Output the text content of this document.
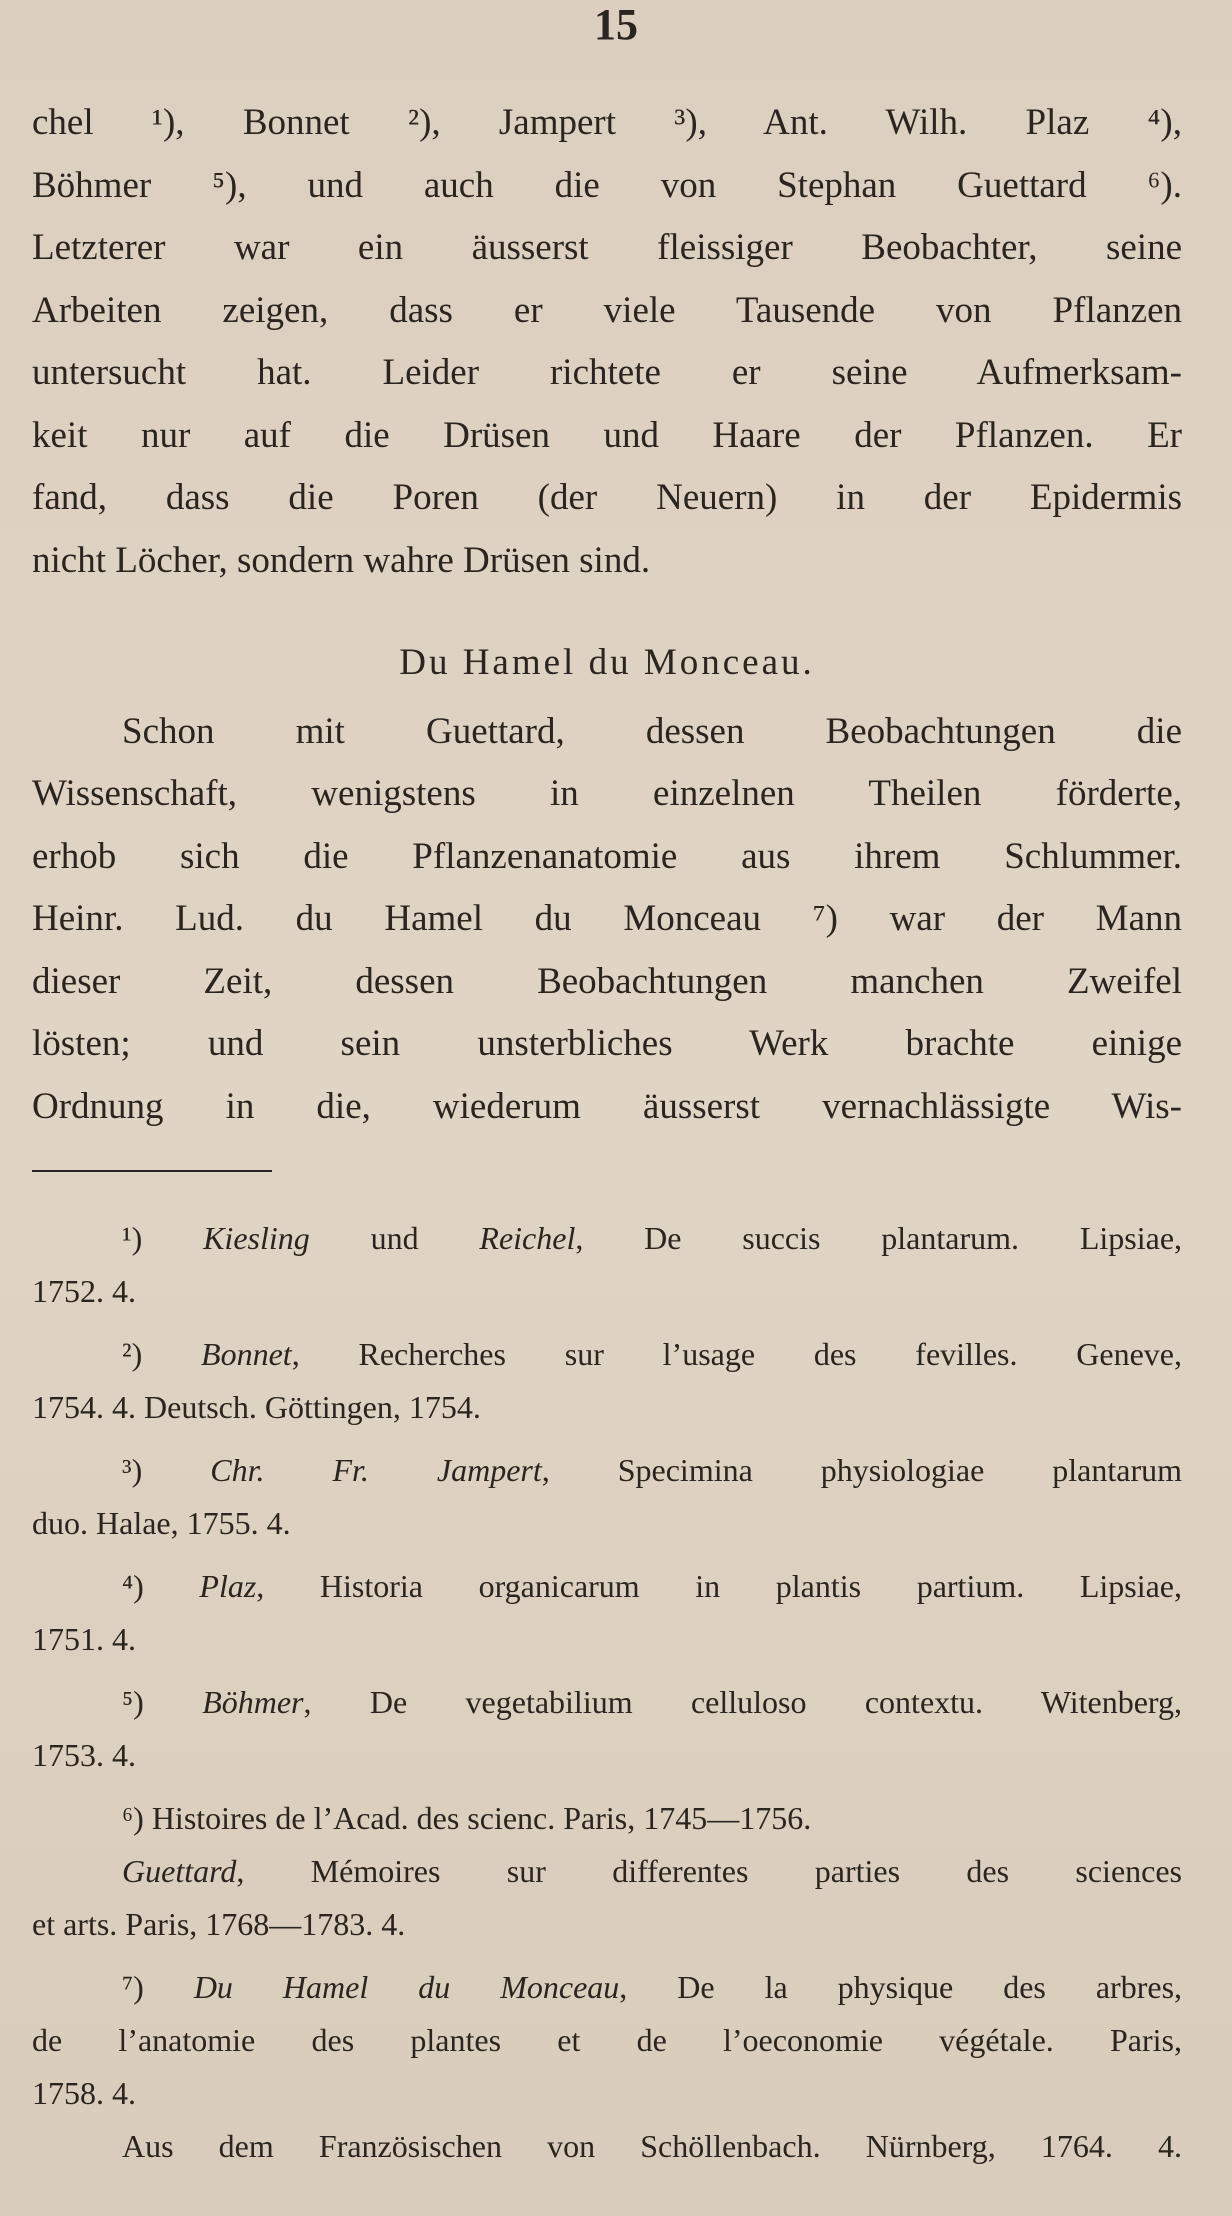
15

chel ¹), Bonnet ²), Jampert ³), Ant. Wilh. Plaz ⁴),
Böhmer ⁵), und auch die von Stephan Guettard ⁶).
Letzterer war ein äusserst fleissiger Beobachter, seine
Arbeiten zeigen, dass er viele Tausende von Pflanzen
untersucht hat. Leider richtete er seine Aufmerksam-
keit nur auf die Drüsen und Haare der Pflanzen. Er
fand, dass die Poren (der Neuern) in der Epidermis
nicht Löcher, sondern wahre Drüsen sind.

Du Hamel du Monceau.

Schon mit Guettard, dessen Beobachtungen die
Wissenschaft, wenigstens in einzelnen Theilen förderte,
erhob sich die Pflanzenanatomie aus ihrem Schlummer.
Heinr. Lud. du Hamel du Monceau ⁷) war der Mann
dieser Zeit, dessen Beobachtungen manchen Zweifel
lösten; und sein unsterbliches Werk brachte einige
Ordnung in die, wiederum äusserst vernachlässigte Wis-

¹) Kiesling und Reichel, De succis plantarum. Lipsiae,
1752. 4.
²) Bonnet, Recherches sur l’usage des fevilles. Geneve,
1754. 4. Deutsch. Göttingen, 1754.
³) Chr. Fr. Jampert, Specimina physiologiae plantarum
duo. Halae, 1755. 4.
⁴) Plaz, Historia organicarum in plantis partium. Lipsiae,
1751. 4.
⁵) Böhmer, De vegetabilium celluloso contextu. Witenberg,
1753. 4.
⁶) Histoires de l’Acad. des scienc. Paris, 1745—1756.
Guettard, Mémoires sur differentes parties des sciences
et arts. Paris, 1768—1783. 4.
⁷) Du Hamel du Monceau, De la physique des arbres,
de l’anatomie des plantes et de l’oeconomie végétale. Paris,
1758. 4.
Aus dem Französischen von Schöllenbach. Nürnberg, 1764. 4.
